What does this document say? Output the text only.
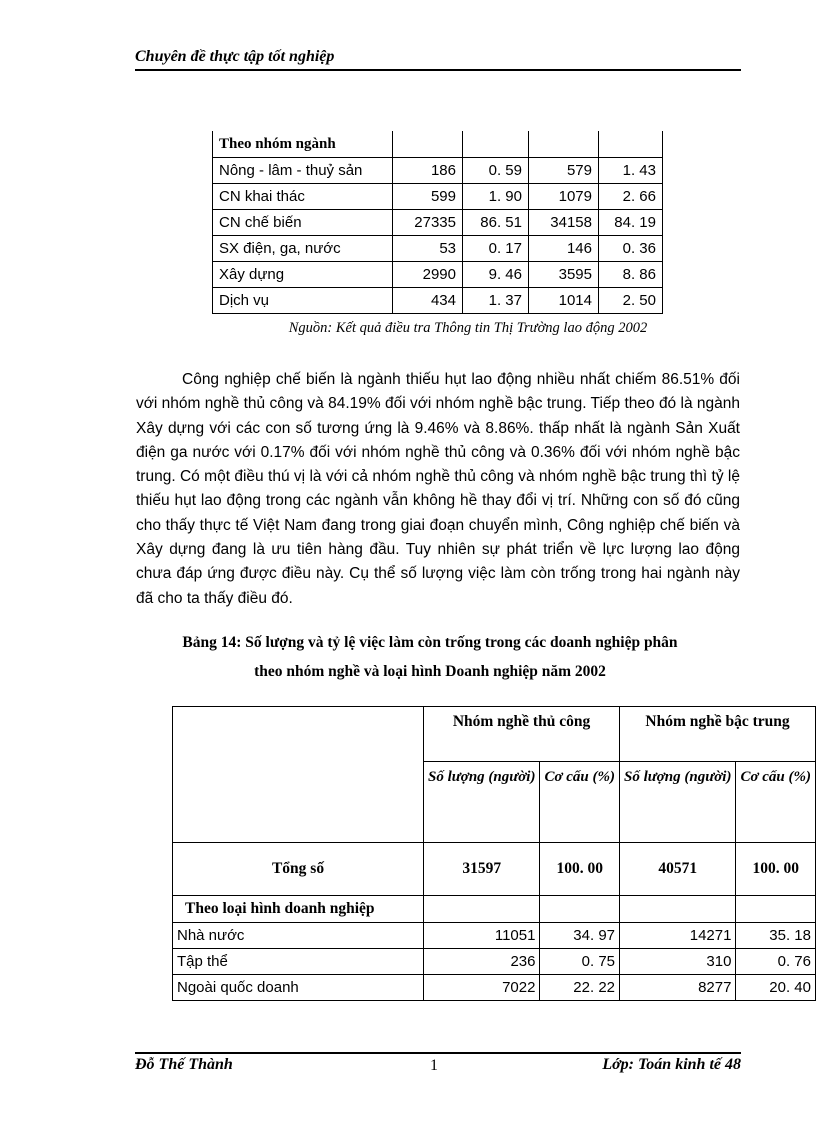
Chuyên đề thực tập tốt nghiệp
Theo nhóm ngành				
Nông - lâm - thuỷ sản	186	0. 59	579	1. 43
CN khai thác	599	1. 90	1079	2. 66
CN chế biến	27335	86. 51	34158	84. 19
SX điện, ga, nước	53	0. 17	146	0. 36
Xây dựng	2990	9. 46	3595	8. 86
Dịch vụ	434	1. 37	1014	2. 50
Nguồn: Kết quả điều tra Thông tin Thị Trường lao động 2002

Công nghiệp chế biến là ngành thiếu hụt lao động nhiều nhất chiếm 86.51% đối với nhóm nghề thủ công và 84.19% đối với nhóm nghề bậc trung. Tiếp theo đó là ngành Xây dựng với các con số tương ứng là 9.46% và 8.86%. thấp nhất là ngành Sản Xuất điện ga nước với 0.17% đối với nhóm nghề thủ công và 0.36% đối với nhóm nghề bậc trung. Có một điều thú vị là với cả nhóm nghề thủ công và nhóm nghề bậc trung thì tỷ lệ thiếu hụt lao động trong các ngành vẫn không hề thay đổi vị trí. Những con số đó cũng cho thấy thực tế Việt Nam đang trong giai đoạn chuyển mình, Công nghiệp chế biến và Xây dựng đang là ưu tiên hàng đầu. Tuy nhiên sự phát triển về lực lượng lao động chưa đáp ứng được điều này. Cụ thể số lượng việc làm còn trống trong hai ngành này đã cho ta thấy điều đó.

Bảng 14: Số lượng và tỷ lệ việc làm còn trống trong các doanh nghiệp phân
theo nhóm nghề và loại hình Doanh nghiệp năm 2002
	Nhóm nghề thủ công		Nhóm nghề bậc trung	
	Số lượng (người)	Cơ cấu (%)	Số lượng (người)	Cơ cấu (%)
Tổng số	31597	100. 00	40571	100. 00
Theo loại hình doanh nghiệp				
Nhà nước	11051	34. 97	14271	35. 18
Tập thể	236	0. 75	310	0. 76
Ngoài quốc doanh	7022	22. 22	8277	20. 40
Đỗ Thế Thành	1	Lớp: Toán kinh tế 48
